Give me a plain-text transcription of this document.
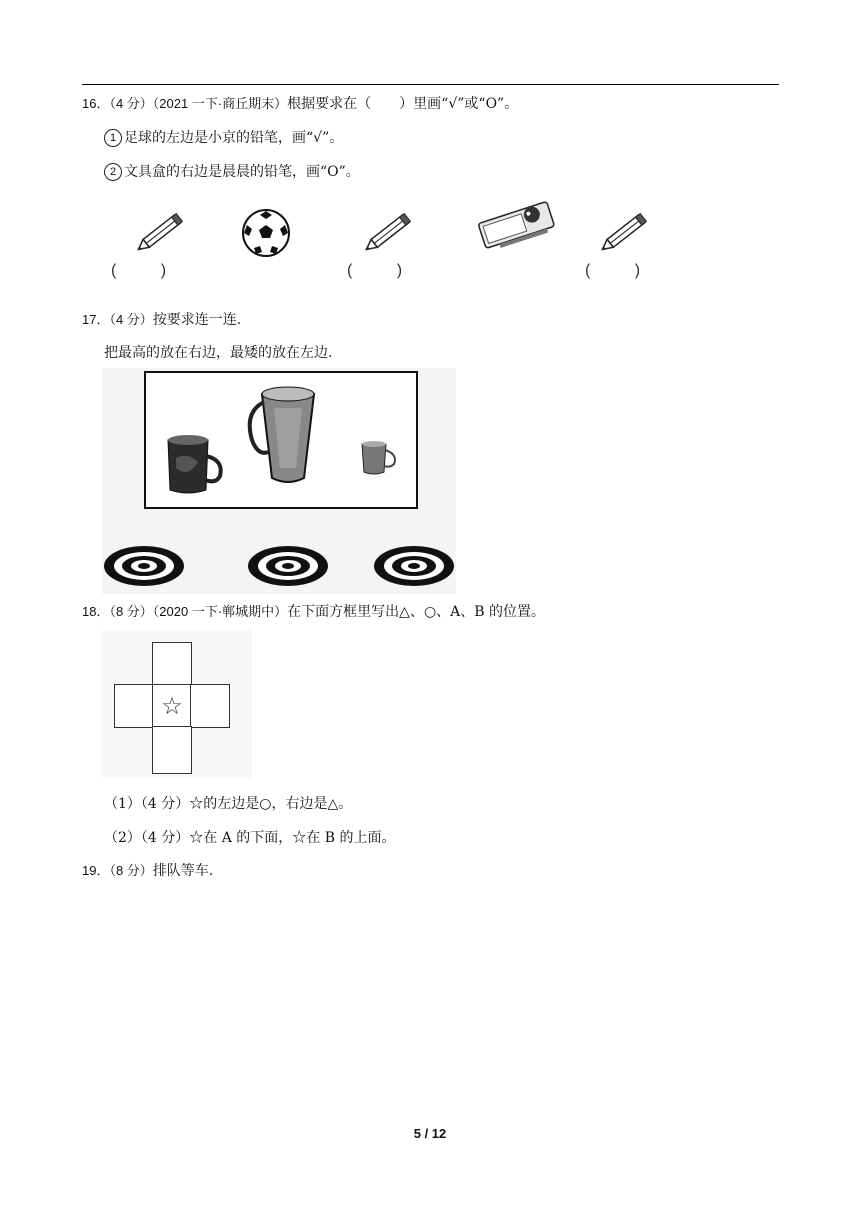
16．（4 分）（2021 一下·商丘期末）根据要求在（　　）里画“√”或“O”。
1 足球的左边是小京的铅笔，画“√”。
2 文具盒的右边是晨晨的铅笔，画“O”。
(          )	(          )	(          )
17．（4 分）按要求连一连.
把最高的放在右边，最矮的放在左边.
18．（8 分）（2020 一下·郸城期中）在下面方框里写出△、○、A、B 的位置。
☆
（1）（4 分）☆的左边是○，右边是△。
（2）（4 分）☆在 A 的下面，☆在 B 的上面。
19．（8 分）排队等车.
5 / 12
